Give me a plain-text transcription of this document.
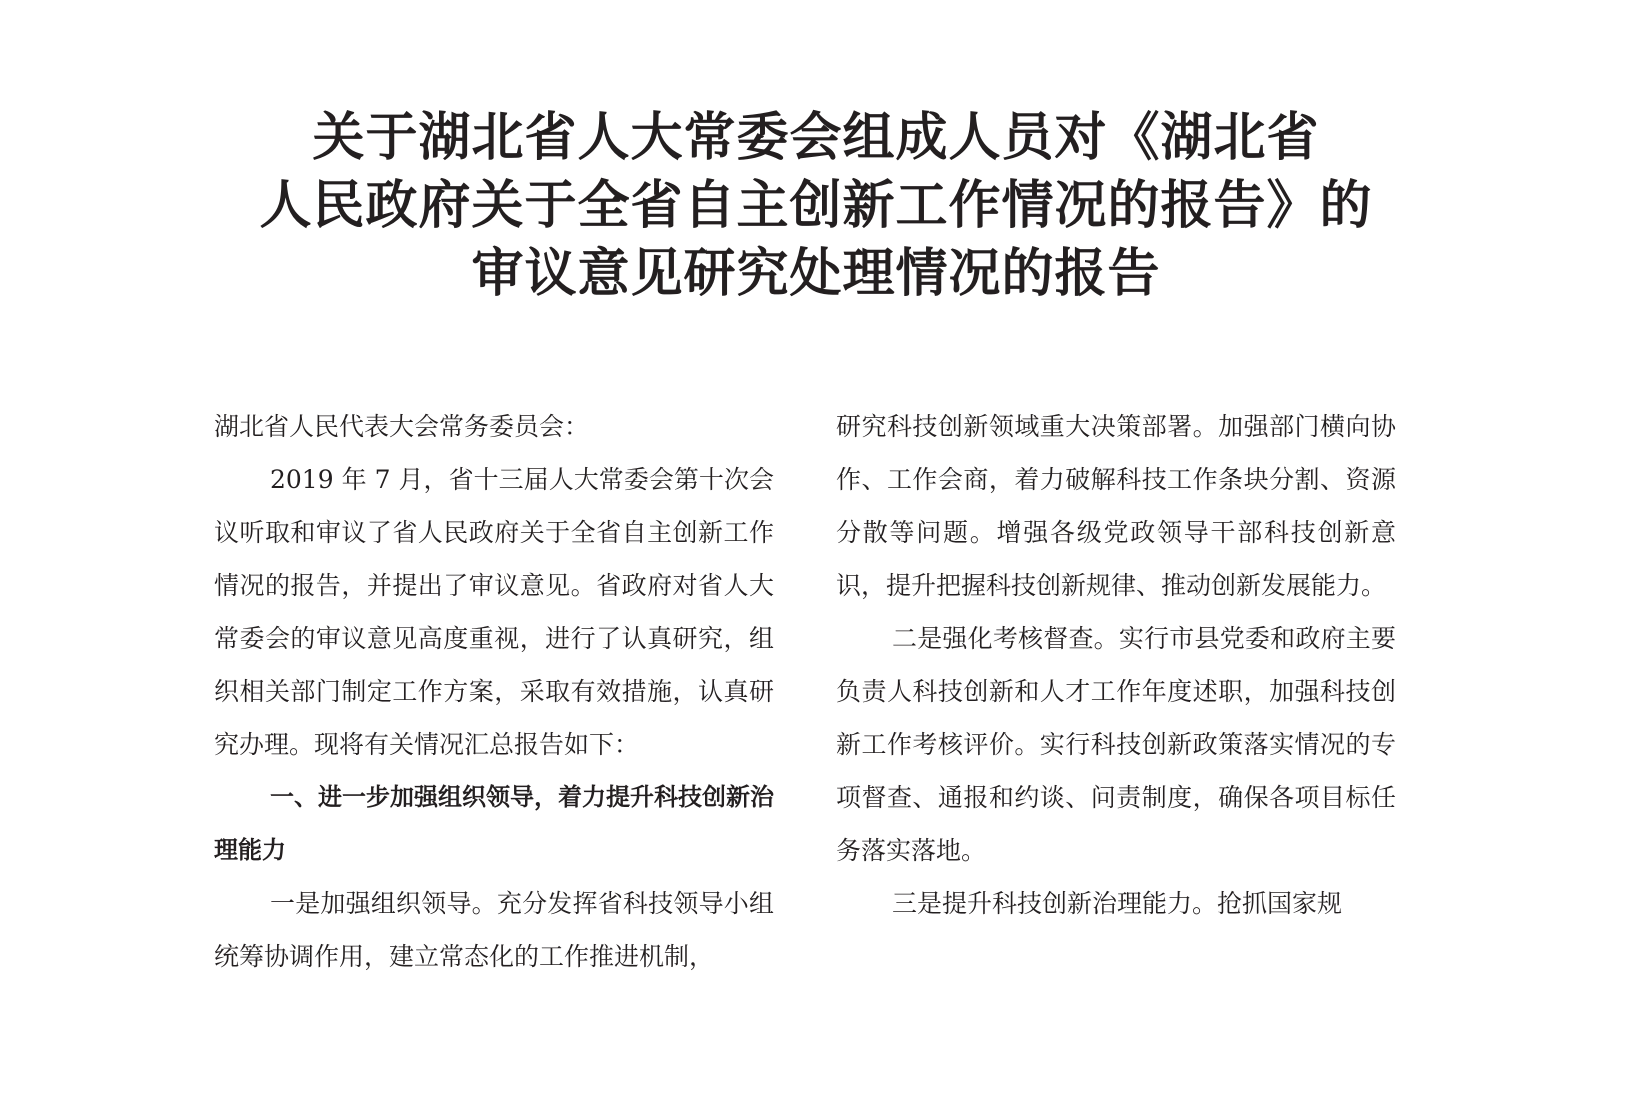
关于湖北省人大常委会组成人员对《湖北省
人民政府关于全省自主创新工作情况的报告》的
审议意见研究处理情况的报告

湖北省人民代表大会常务委员会：

2019 年 7 月，省十三届人大常委会第十次会议听取和审议了省人民政府关于全省自主创新工作情况的报告，并提出了审议意见。省政府对省人大常委会的审议意见高度重视，进行了认真研究，组织相关部门制定工作方案，采取有效措施，认真研究办理。现将有关情况汇总报告如下：

一、进一步加强组织领导，着力提升科技创新治理能力

一是加强组织领导。充分发挥省科技领导小组统筹协调作用，建立常态化的工作推进机制，

研究科技创新领域重大决策部署。加强部门横向协作、工作会商，着力破解科技工作条块分割、资源分散等问题。增强各级党政领导干部科技创新意识，提升把握科技创新规律、推动创新发展能力。

二是强化考核督查。实行市县党委和政府主要负责人科技创新和人才工作年度述职，加强科技创新工作考核评价。实行科技创新政策落实情况的专项督查、通报和约谈、问责制度，确保各项目标任务落实落地。

三是提升科技创新治理能力。抢抓国家规
